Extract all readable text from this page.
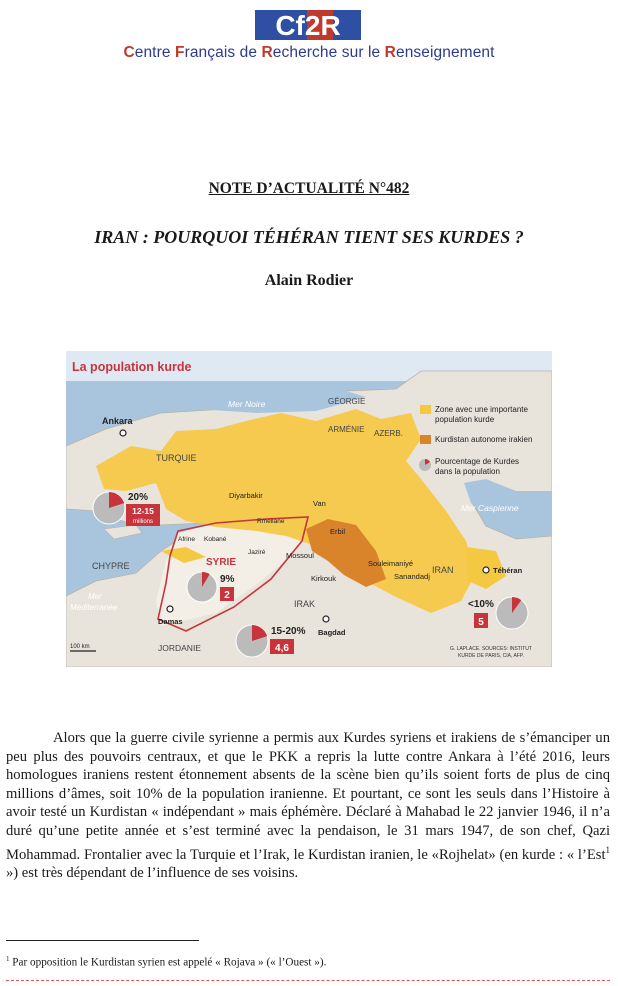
Cf2R
Centre Français de Recherche sur le Renseignement
NOTE D’ACTUALITÉ N°482
IRAN : POURQUOI TÉHÉRAN TIENT SES KURDES ?
Alain Rodier
La population kurde
Zone avec une importante
population kurde
Kurdistan autonome irakien
Pourcentage de Kurdes
dans la population
Mer Noire
Mer Caspienne
Mer
Méditerranée
GÉORGIE
ARMÉNIE AZERB.
TURQUIE
SYRIE
IRAK
IRAN
CHYPRE
JORDANIE
Ankara
Diyarbakir
Van
Afrine Kobané
Rmeilane
Jaziré	Mossoul
Erbil
Souleimaniyé
Kirkouk	Sanandadj
Téhéran
Damas
Bagdad
20%
12-15
millions
9%
2
15-20%
4,6
<10%
5
100 km	G. LAPLACE. SOURCES: INSTITUT
KURDE DE PARIS, CIA, AFP.

Alors que la guerre civile syrienne a permis aux Kurdes syriens et irakiens de s’émanciper un peu plus des pouvoirs centraux, et que le PKK a repris la lutte contre Ankara à l’été 2016, leurs homologues iraniens restent étonnement absents de la scène bien qu’ils soient forts de plus de cinq millions d’âmes, soit 10% de la population iranienne. Et pourtant, ce sont les seuls dans l’Histoire à avoir testé un Kurdistan « indépendant » mais éphémère. Déclaré à Mahabad le 22 janvier 1946, il n’a duré qu’une petite année et s’est terminé avec la pendaison, le 31 mars 1947, de son chef, Qazi Mohammad. Frontalier avec la Turquie et l’Irak, le Kurdistan iranien, le «Rojhelat» (en kurde : « l’Est$^1$ ») est très dépendant de l’influence de ses voisins.

$^1$ Par opposition le Kurdistan syrien est appelé « Rojava » (« l’Ouest »).
